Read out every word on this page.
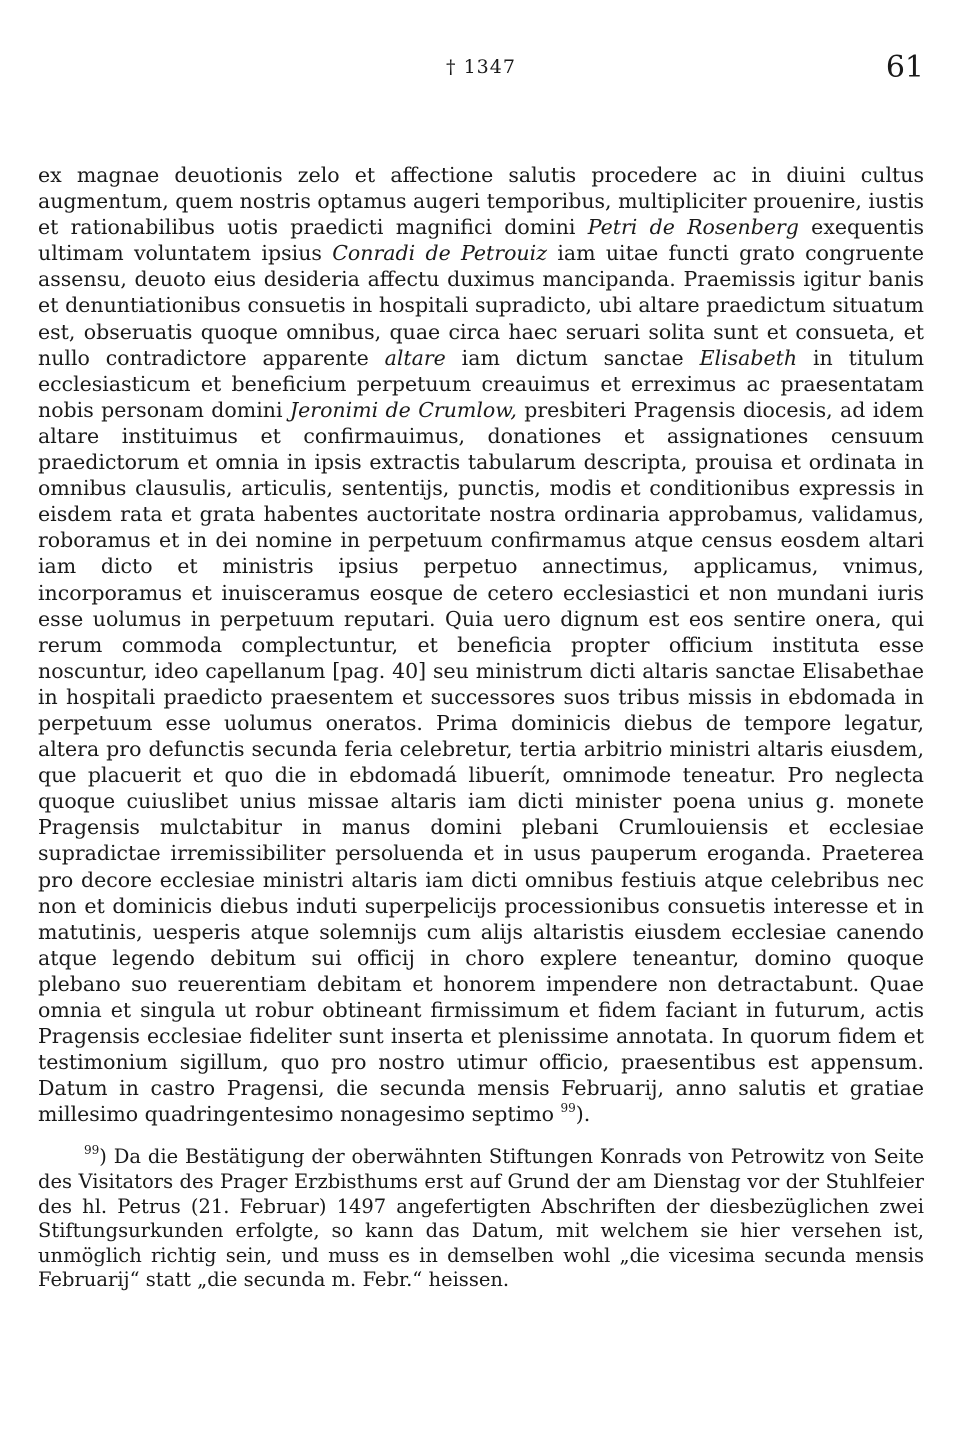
† 1347	61

ex magnae deuotionis zelo et affectione salutis procedere ac in diuini cultus augmentum, quem nostris optamus augeri temporibus, multipliciter prouenire, iustis et rationabilibus uotis praedicti magnifici domini Petri de Rosenberg exequentis ultimam voluntatem ipsius Conradi de Petrouiz iam uitae functi grato congruente assensu, deuoto eius desideria affectu duximus mancipanda. Praemissis igitur banis et denuntiationibus consuetis in hospitali supradicto, ubi altare praedictum situatum est, obseruatis quoque omnibus, quae circa haec seruari solita sunt et consueta, et nullo contradictore apparente altare iam dictum sanctae Elisabeth in titulum ecclesiasticum et beneficium perpetuum creauimus et erreximus ac praesentatam nobis personam domini Jeronimi de Crumlow, presbiteri Pragensis diocesis, ad idem altare instituimus et confirmauimus, donationes et assignationes censuum praedictorum et omnia in ipsis extractis tabularum descripta, prouisa et ordinata in omnibus clausulis, articulis, sententijs, punctis, modis et conditionibus expressis in eisdem rata et grata habentes auctoritate nostra ordinaria approbamus, validamus, roboramus et in dei nomine in perpetuum confirmamus atque census eosdem altari iam dicto et ministris ipsius perpetuo annectimus, applicamus, vnimus, incorporamus et inuisceramus eosque de cetero ecclesiastici et non mundani iuris esse uolumus in perpetuum reputari. Quia uero dignum est eos sentire onera, qui rerum commoda complectuntur, et beneficia propter officium instituta esse noscuntur, ideo capellanum [pag. 40] seu ministrum dicti altaris sanctae Elisabethae in hospitali praedicto praesentem et successores suos tribus missis in ebdomada in perpetuum esse uolumus oneratos. Prima dominicis diebus de tempore legatur, altera pro defunctis secunda feria celebretur, tertia arbitrio ministri altaris eiusdem, que placuerit et quo die in ebdomadá libuerít, omnimode teneatur. Pro neglecta quoque cuiuslibet unius missae altaris iam dicti minister poena unius g. monete Pragensis mulctabitur in manus domini plebani Crumlouiensis et ecclesiae supradictae irremissibiliter persoluenda et in usus pauperum eroganda. Praeterea pro decore ecclesiae ministri altaris iam dicti omnibus festiuis atque celebribus nec non et dominicis diebus induti superpelicijs processionibus consuetis interesse et in matutinis, uesperis atque solemnijs cum alijs altaristis eiusdem ecclesiae canendo atque legendo debitum sui officij in choro explere teneantur, domino quoque plebano suo reuerentiam debitam et honorem impendere non detractabunt. Quae omnia et singula ut robur obtineant firmissimum et fidem faciant in futurum, actis Pragensis ecclesiae fideliter sunt inserta et plenissime annotata. In quorum fidem et testimonium sigillum, quo pro nostro utimur officio, praesentibus est appensum. Datum in castro Pragensi, die secunda mensis Februarij, anno salutis et gratiae millesimo quadringentesimo nonagesimo septimo $^{99}$).

$^{99}$) Da die Bestätigung der oberwähnten Stiftungen Konrads von Petrowitz von Seite des Visitators des Prager Erzbisthums erst auf Grund der am Dienstag vor der Stuhlfeier des hl. Petrus (21. Februar) 1497 angefertigten Abschriften der diesbezüglichen zwei Stiftungsurkunden erfolgte, so kann das Datum, mit welchem sie hier versehen ist, unmöglich richtig sein, und muss es in demselben wohl „die vicesima secunda mensis Februarij“ statt „die secunda m. Febr.“ heissen.
